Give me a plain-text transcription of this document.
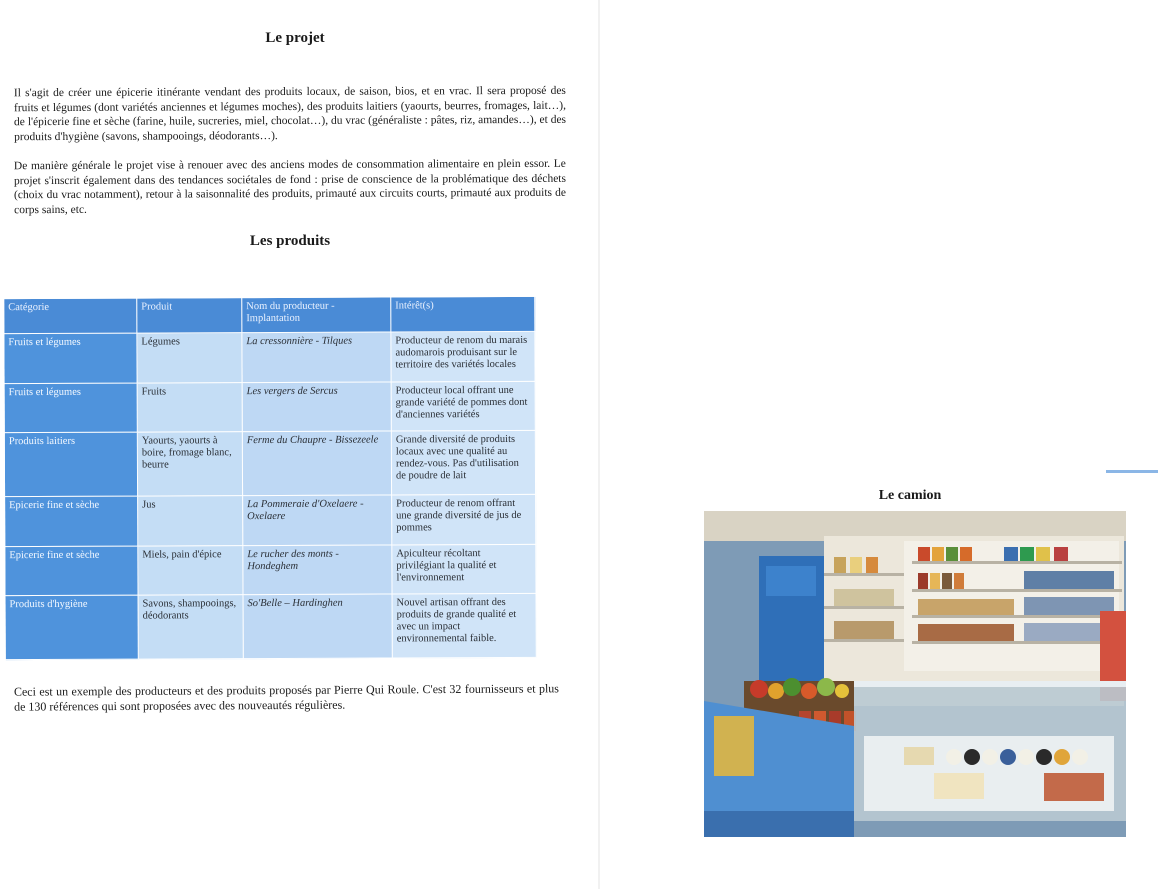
Le projet
Il s'agit de créer une épicerie itinérante vendant des produits locaux, de saison, bios, et en vrac. Il sera proposé des fruits et légumes (dont variétés anciennes et légumes moches), des produits laitiers (yaourts, beurres, fromages, lait…), de l'épicerie fine et sèche (farine, huile, sucreries, miel, chocolat…), du vrac (généraliste : pâtes, riz, amandes…), et des produits d'hygiène (savons, shampooings, déodorants…).
De manière générale le projet vise à renouer avec des anciens modes de consommation alimentaire en plein essor. Le projet s'inscrit également dans des tendances sociétales de fond : prise de conscience de la problématique des déchets (choix du vrac notamment), retour à la saisonnalité des produits, primauté aux circuits courts, primauté aux produits de corps sains, etc.
Les produits
Catégorie	Produit	Nom du producteur - Implantation	Intérêt(s)
Fruits et légumes	Légumes	La cressonnière - Tilques	Producteur de renom du marais audomarois produisant sur le territoire des variétés locales
Fruits et légumes	Fruits	Les vergers de Sercus	Producteur local offrant une grande variété de pommes dont d'anciennes variétés
Produits laitiers	Yaourts, yaourts à boire, fromage blanc, beurre	Ferme du Chaupre - Bissezeele	Grande diversité de produits locaux avec une qualité au rendez-vous. Pas d'utilisation de poudre de lait
Epicerie fine et sèche	Jus	La Pommeraie d'Oxelaere - Oxelaere	Producteur de renom offrant une grande diversité de jus de pommes
Epicerie fine et sèche	Miels, pain d'épice	Le rucher des monts - Hondeghem	Apiculteur récoltant privilégiant la qualité et l'environnement
Produits d'hygiène	Savons, shampooings, déodorants	So'Belle – Hardinghen	Nouvel artisan offrant des produits de grande qualité et avec un impact environnemental faible.
Ceci est un exemple des producteurs et des produits proposés par Pierre Qui Roule. C'est 32 fournisseurs et plus de 130 références qui sont proposées avec des nouveautés régulières.
Le camion
